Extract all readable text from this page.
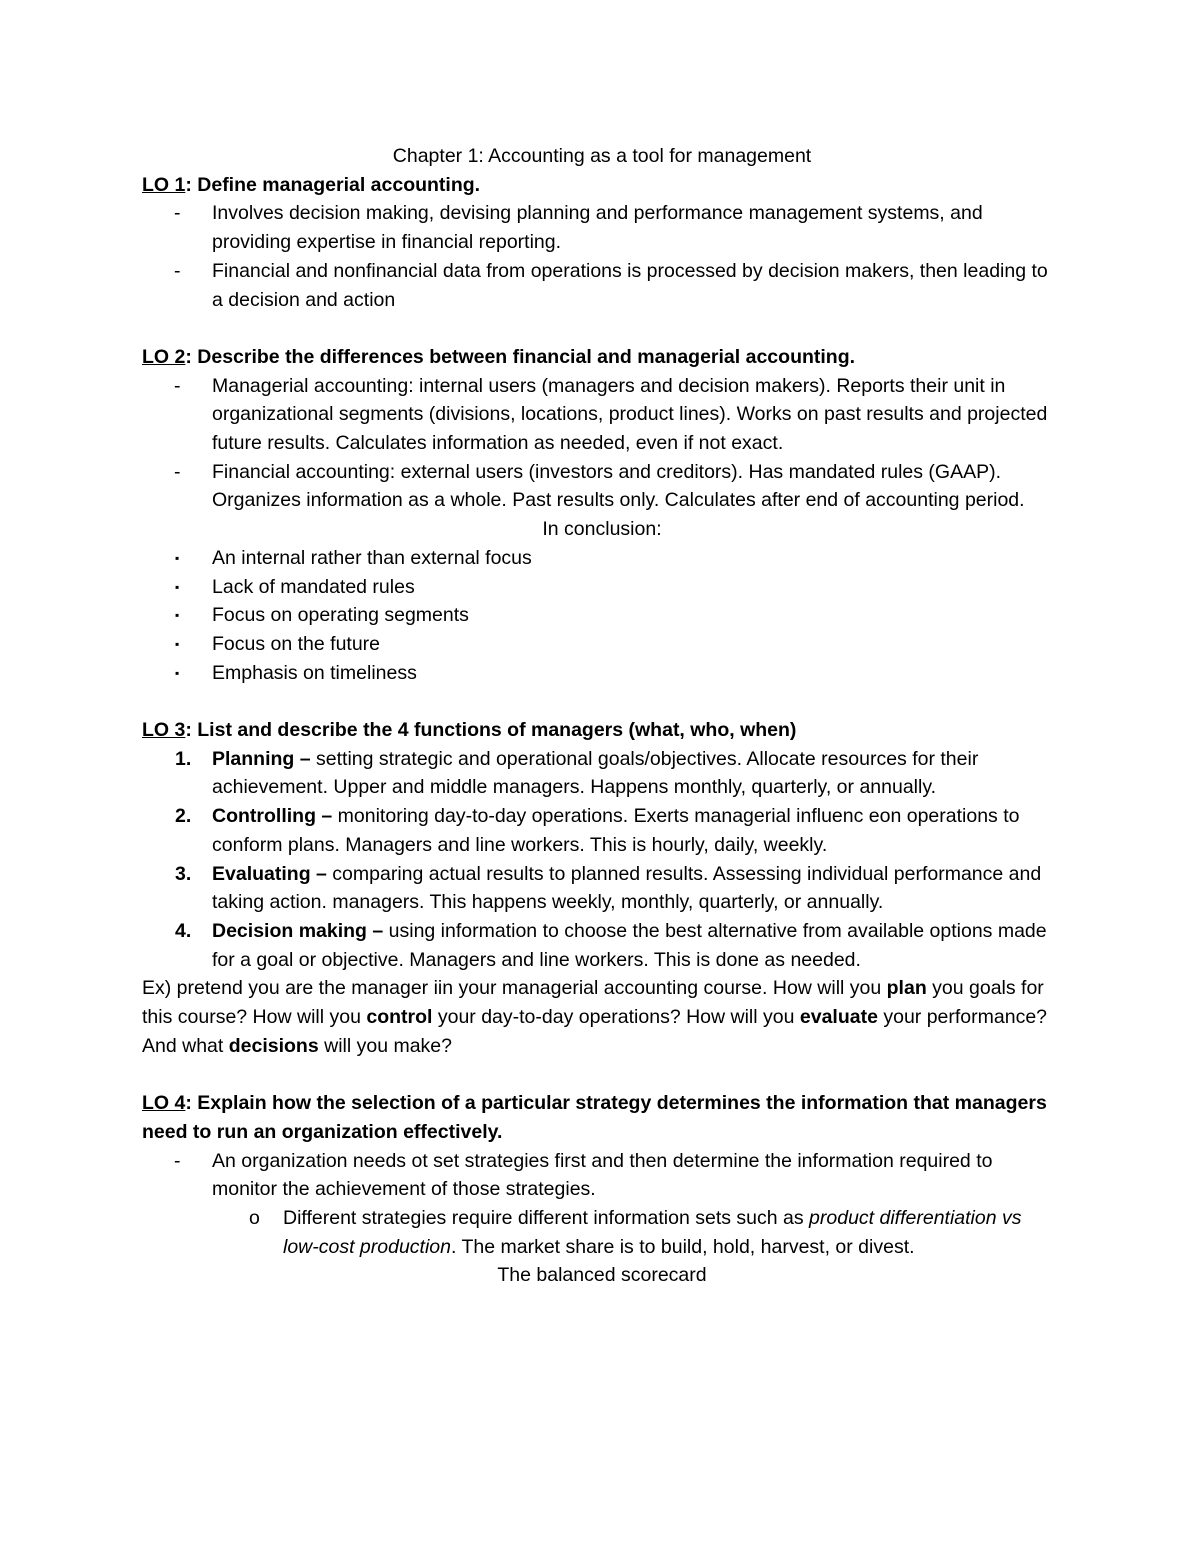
Chapter 1: Accounting as a tool for management

LO 1: Define managerial accounting.

- Involves decision making, devising planning and performance management systems, and providing expertise in financial reporting.
- Financial and nonfinancial data from operations is processed by decision makers, then leading to a decision and action

LO 2: Describe the differences between financial and managerial accounting.

- Managerial accounting: internal users (managers and decision makers). Reports their unit in organizational segments (divisions, locations, product lines). Works on past results and projected future results. Calculates information as needed, even if not exact.
- Financial accounting: external users (investors and creditors). Has mandated rules (GAAP). Organizes information as a whole. Past results only. Calculates after end of accounting period.

In conclusion:

▪ An internal rather than external focus
▪ Lack of mandated rules
▪ Focus on operating segments
▪ Focus on the future
▪ Emphasis on timeliness

LO 3: List and describe the 4 functions of managers (what, who, when)

1. Planning – setting strategic and operational goals/objectives. Allocate resources for their achievement. Upper and middle managers. Happens monthly, quarterly, or annually.
2. Controlling – monitoring day-to-day operations. Exerts managerial influenc eon operations to conform plans. Managers and line workers. This is hourly, daily, weekly.
3. Evaluating – comparing actual results to planned results. Assessing individual performance and taking action. managers. This happens weekly, monthly, quarterly, or annually.
4. Decision making – using information to choose the best alternative from available options made for a goal or objective. Managers and line workers. This is done as needed.

Ex) pretend you are the manager iin your managerial accounting course. How will you plan you goals for this course? How will you control your day-to-day operations? How will you evaluate your performance? And what decisions will you make?

LO 4: Explain how the selection of a particular strategy determines the information that managers need to run an organization effectively.

- An organization needs ot set strategies first and then determine the information required to monitor the achievement of those strategies.
o Different strategies require different information sets such as product differentiation vs low-cost production. The market share is to build, hold, harvest, or divest.

The balanced scorecard
